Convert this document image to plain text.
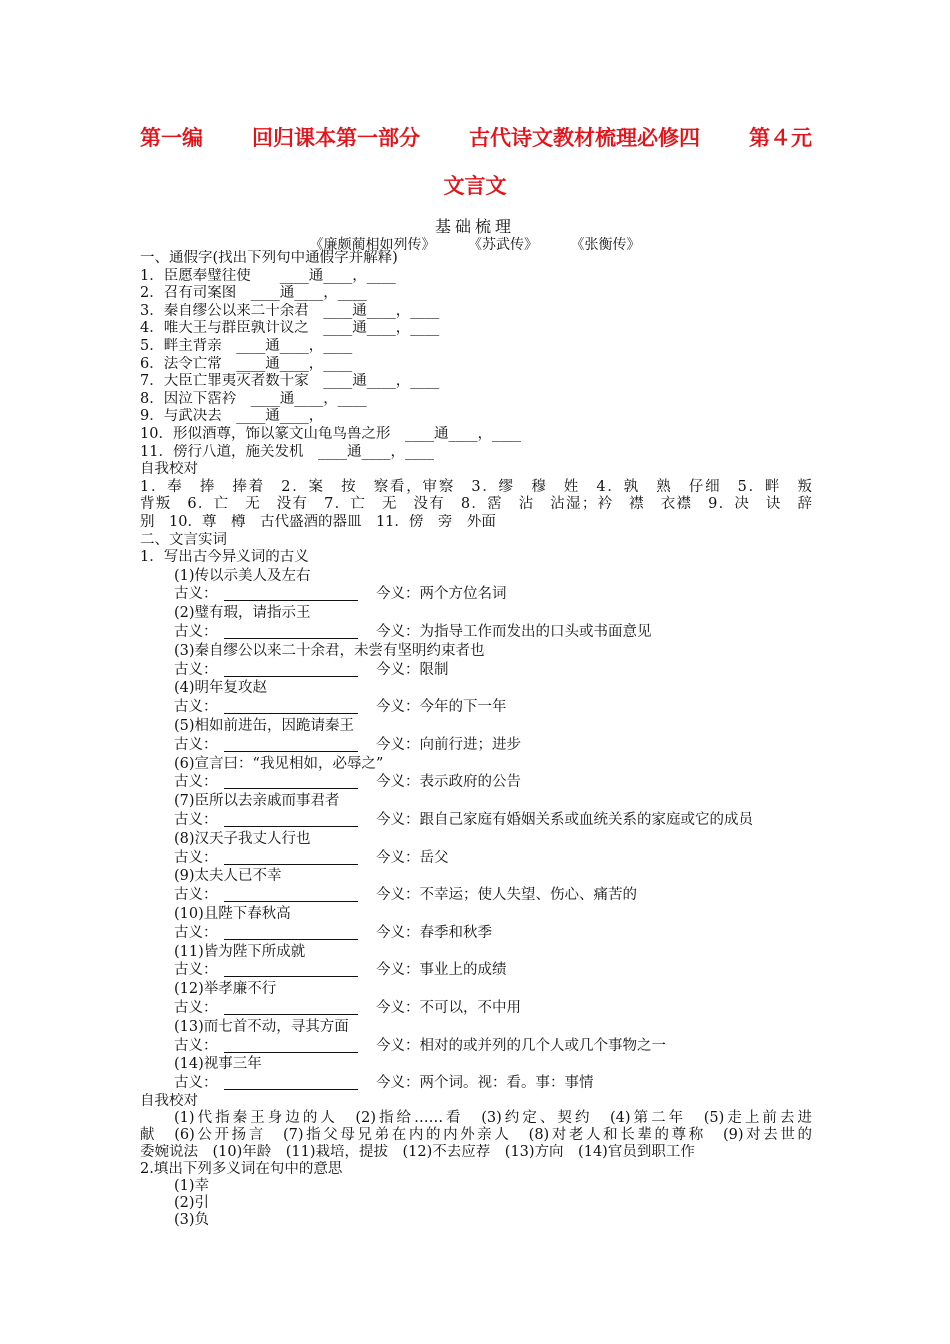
第一编 回归课本第一部分 古代诗文教材梳理必修四 第４元
文言文
基础梳理
《廉颇蔺相如列传》 《苏武传》 《张衡传》
一、通假字(找出下列句中通假字并解释)
1．臣愿奉璧往使　　____通____，____
2．召有司案图　____通____，____
3．秦自缪公以来二十余君　____通____，____
4．唯大王与群臣孰计议之　____通____，____
5．畔主背亲　____通____，____
6．法令亡常　____通____，____
7．大臣亡罪夷灭者数十家　____通____，____
8．因泣下霑衿　____通____，____
9．与武决去　____通____，
10．形似酒尊，饰以篆文山龟鸟兽之形　____通____，____
11．傍行八道，施关发机　____通____，____
自我校对
1．奉　捧　捧着　2．案　按　察看，审察　3．缪　穆　姓　4．孰　熟　仔细　5．畔　叛
背叛　6．亡　无　没有　7．亡　无　没有　8．霑　沾　沾湿；衿　襟　衣襟　9．决　诀　辞
别　10．尊　樽　古代盛酒的器皿　11．傍　旁　外面
二、文言实词
1．写出古今异义词的古义
(1)传以示美人及左右
古义：	今义：两个方位名词
(2)璧有瑕，请指示王
古义：	今义：为指导工作而发出的口头或书面意见
(3)秦自缪公以来二十余君，未尝有坚明约束者也
古义：	今义：限制
(4)明年复攻赵
古义：	今义：今年的下一年
(5)相如前进缶，因跪请秦王
古义：	今义：向前行进；进步
(6)宣言曰：“我见相如，必辱之”
古义：	今义：表示政府的公告
(7)臣所以去亲戚而事君者
古义：	今义：跟自己家庭有婚姻关系或血统关系的家庭或它的成员
(8)汉天子我丈人行也
古义：	今义：岳父
(9)太夫人已不幸
古义：	今义：不幸运；使人失望、伤心、痛苦的
(10)且陛下春秋高
古义：	今义：春季和秋季
(11)皆为陛下所成就
古义：	今义：事业上的成绩
(12)举孝廉不行
古义：	今义：不可以，不中用
(13)而七首不动，寻其方面
古义：	今义：相对的或并列的几个人或几个事物之一
(14)视事三年
古义：	今义：两个词。视：看。事：事情
自我校对
(1)代指秦王身边的人　(2)指给……看　(3)约定、契约　(4)第二年　(5)走上前去进
献　(6)公开扬言　(7)指父母兄弟在内的内外亲人　(8)对老人和长辈的尊称　(9)对去世的
委婉说法　(10)年龄　(11)栽培，提拔　(12)不去应荐　(13)方向　(14)官员到职工作
2.填出下列多义词在句中的意思
(1)幸
(2)引
(3)负
